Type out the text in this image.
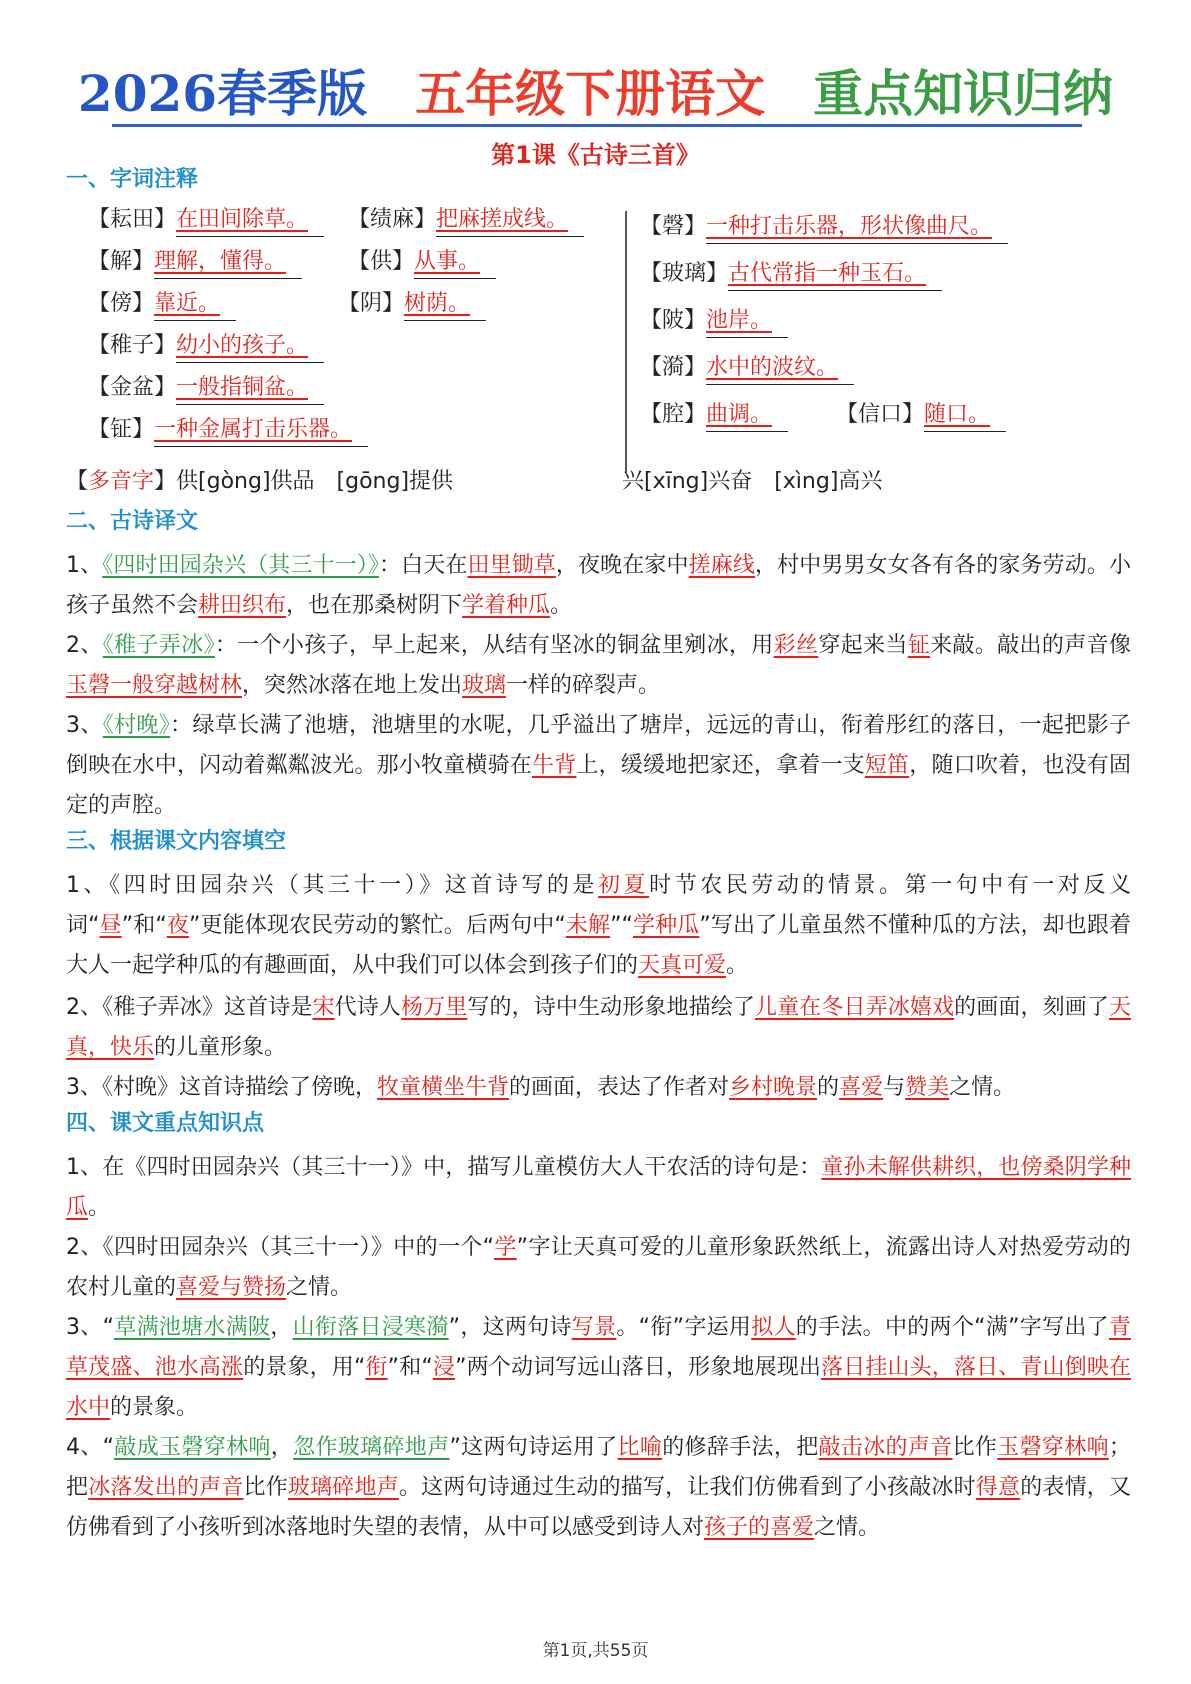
2026春季版 五年级下册语文 重点知识归纳
第1课《古诗三首》
一、字词注释
【耘田】在田间除草。	【绩麻】把麻搓成线。
【解】理解，懂得。	【供】从事。
【傍】靠近。	【阴】树荫。
【稚子】幼小的孩子。
【金盆】一般指铜盆。
【钲】一种金属打击乐器。
【磬】一种打击乐器，形状像曲尺。
【玻璃】古代常指一种玉石。
【陂】池岸。
【漪】水中的波纹。
【腔】曲调。	【信口】随口。
【多音字】供[gòng]供品　[gōng]提供	兴[xīng]兴奋　[xìng]高兴
二、古诗译文
1、《四时田园杂兴（其三十一）》：白天在田里锄草，夜晚在家中搓麻线，村中男男女女各有各的家务劳动。小孩子虽然不会耕田织布，也在那桑树阴下学着种瓜。
2、《稚子弄冰》：一个小孩子，早上起来，从结有坚冰的铜盆里剜冰，用彩丝穿起来当钲来敲。敲出的声音像玉磬一般穿越树林，突然冰落在地上发出玻璃一样的碎裂声。
3、《村晚》：绿草长满了池塘，池塘里的水呢，几乎溢出了塘岸，远远的青山，衔着彤红的落日，一起把影子倒映在水中，闪动着粼粼波光。那小牧童横骑在牛背上，缓缓地把家还，拿着一支短笛，随口吹着，也没有固定的声腔。
三、根据课文内容填空
1、《四时田园杂兴（其三十一）》这首诗写的是初夏时节农民劳动的情景。第一句中有一对反义词“昼”和“夜”更能体现农民劳动的繁忙。后两句中“未解”“学种瓜”写出了儿童虽然不懂种瓜的方法，却也跟着大人一起学种瓜的有趣画面，从中我们可以体会到孩子们的天真可爱。
2、《稚子弄冰》这首诗是宋代诗人杨万里写的，诗中生动形象地描绘了儿童在冬日弄冰嬉戏的画面，刻画了天真，快乐的儿童形象。
3、《村晚》这首诗描绘了傍晚，牧童横坐牛背的画面，表达了作者对乡村晚景的喜爱与赞美之情。
四、课文重点知识点
1、在《四时田园杂兴（其三十一）》中，描写儿童模仿大人干农活的诗句是：童孙未解供耕织，也傍桑阴学种瓜。
2、《四时田园杂兴（其三十一）》中的一个“学”字让天真可爱的儿童形象跃然纸上，流露出诗人对热爱劳动的农村儿童的喜爱与赞扬之情。
3、“草满池塘水满陂，山衔落日浸寒漪”，这两句诗写景。“衔”字运用拟人的手法。中的两个“满”字写出了青草茂盛、池水高涨的景象，用“衔”和“浸”两个动词写远山落日，形象地展现出落日挂山头，落日、青山倒映在水中的景象。
4、“敲成玉磬穿林响，忽作玻璃碎地声”这两句诗运用了比喻的修辞手法，把敲击冰的声音比作玉磬穿林响；把冰落发出的声音比作玻璃碎地声。这两句诗通过生动的描写，让我们仿佛看到了小孩敲冰时得意的表情，又仿佛看到了小孩听到冰落地时失望的表情，从中可以感受到诗人对孩子的喜爱之情。
第1页,共55页
